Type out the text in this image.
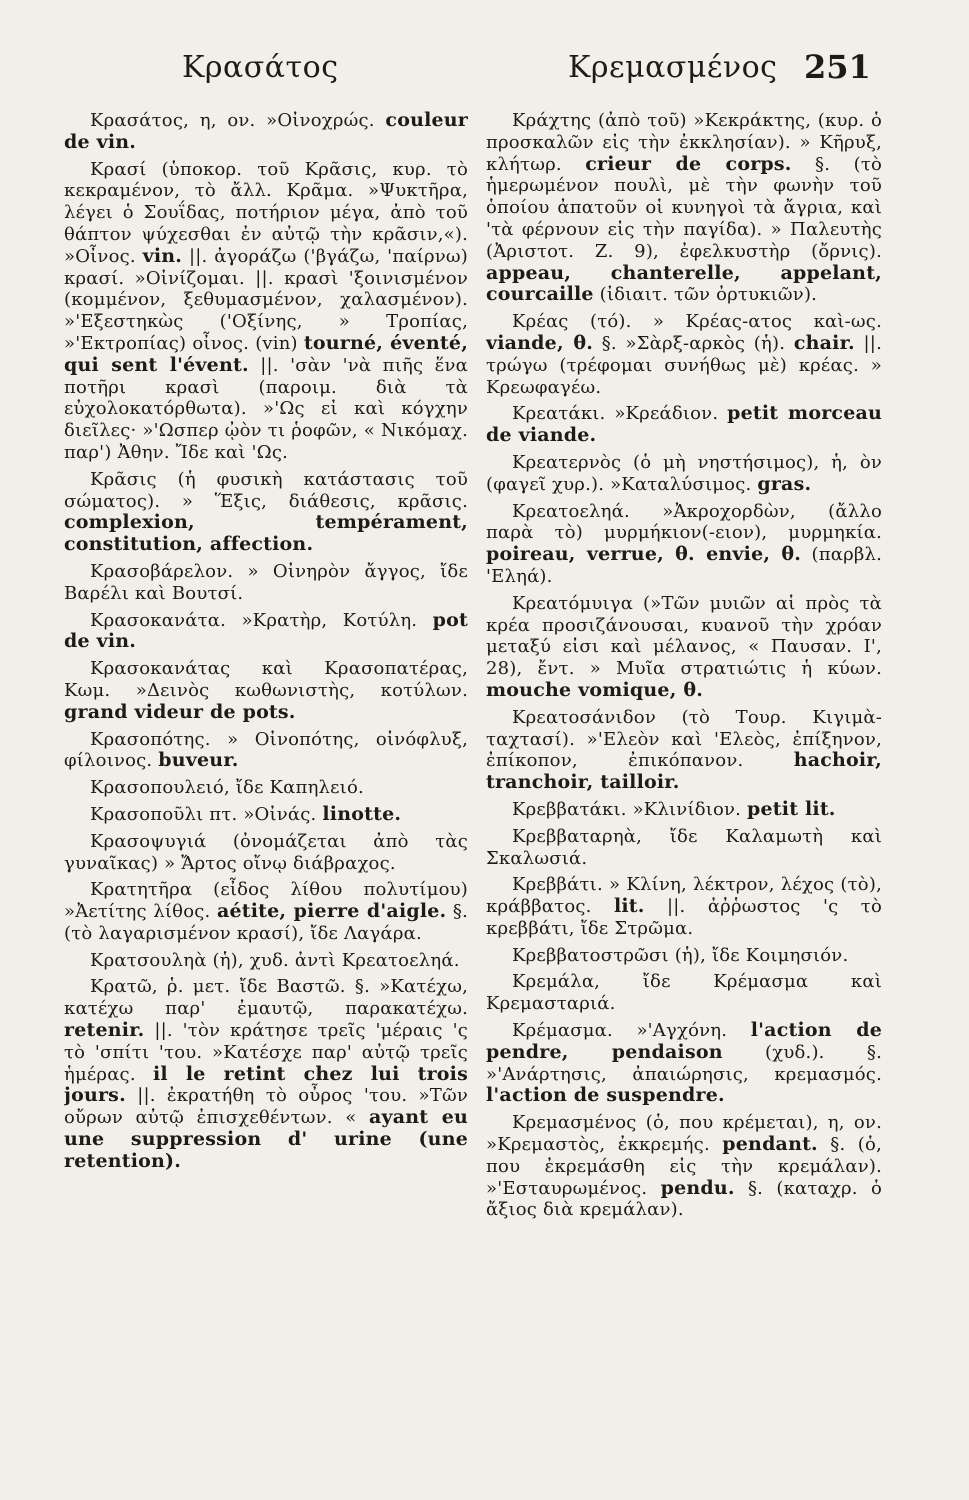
Κρασάτος	Κρεμασμένος 251

Κρασάτος, η, ον. »Οἰνοχρώς. couleur de vin.

Κρασί (ὑποκορ. τοῦ Κρᾶσις, κυρ. τὸ κεκραμένον, τὸ ἄλλ. Κρᾶμα. »Ψυκτῆρα, λέγει ὁ Σουΐδας, ποτήριον μέγα, ἀπὸ τοῦ θάπτον ψύχεσθαι ἐν αὐτῷ τὴν κρᾶσιν,«). »Οἶνος. vin. ||. ἀγοράζω ('βγάζω, 'παίρνω) κρασί. »Οἰνίζομαι. ||. κρασὶ 'ξοινισμένον (κομμένον, ξεθυμασμένον, χαλασμένον). »'Εξεστηκὼς ('Οξίνης, » Τροπίας, »'Εκτροπίας) οἶνος. (vin) tourné, éventé, qui sent l'évent. ||. 'σὰν 'νὰ πιῆς ἕνα ποτῆρι κρασὶ (παροιμ. διὰ τὰ εὐχολοκατόρθωτα). »'Ως εἰ καὶ κόγχην διεῖλες· »'Ωσπερ ᾠὸν τι ῥοφῶν, « Νικόμαχ. παρ') Ἀθην. Ἴδε καὶ 'Ως.

Κρᾶσις (ἡ φυσικὴ κατάστασις τοῦ σώματος). » Ἕξις, διάθεσις, κρᾶσις. complexion, tempérament, constitution, affection.

Κρασοβάρελον. » Οἰνηρὸν ἄγγος, ἴδε Βαρέλι καὶ Βουτσί.

Κρασοκανάτα. »Κρατὴρ, Κοτύλη. pot de vin.

Κρασοκανάτας καὶ Κρασοπατέρας, Κωμ. »Δεινὸς κωθωνιστὴς, κοτύλων. grand videur de pots.

Κρασοπότης. » Οἰνοπότης, οἰνόφλυξ, φίλοινος. buveur.

Κρασοπουλειό, ἴδε Καπηλειό.

Κρασοποῦλι πτ. »Οἰνάς. linotte.

Κρασοψυγιά (ὀνομάζεται ἀπὸ τὰς γυναῖκας) » Ἄρτος οἴνῳ διάβραχος.

Κρατητῆρα (εἶδος λίθου πολυτίμου) »Ἀετίτης λίθος. aétite, pierre d'aigle. §. (τὸ λαγαρισμένον κρασί), ἴδε Λαγάρα.

Κρατσουληὰ (ἡ), χυδ. ἀντὶ Κρεατοεληά.

Κρατῶ, ῥ. μετ. ἴδε Βαστῶ. §. »Κατέχω, κατέχω παρ' ἐμαυτῷ, παρακατέχω. retenir. ||. 'τὸν κράτησε τρεῖς 'μέραις 'ς τὸ 'σπίτι 'του. »Κατέσχε παρ' αὐτῷ τρεῖς ἡμέρας. il le retint chez lui trois jours. ||. ἐκρατήθη τὸ οὖρος 'του. »Τῶν οὔρων αὐτῷ ἐπισχεθέντων. « ayant eu une suppression d' urine (une retention).

Κράχτης (ἀπὸ τοῦ) »Κεκράκτης, (κυρ. ὁ προσκαλῶν εἰς τὴν ἐκκλησίαν). » Κῆρυξ, κλήτωρ. crieur de corps. §. (τὸ ἡμερωμένον πουλὶ, μὲ τὴν φωνὴν τοῦ ὁποίου ἀπατοῦν οἱ κυνηγοὶ τὰ ἄγρια, καὶ 'τὰ φέρνουν εἰς τὴν παγίδα). » Παλευτὴς (Ἀριστοτ. Ζ. 9), ἐφελκυστὴρ (ὄρνις). appeau, chanterelle, appelant, courcaille (ἰδιαιτ. τῶν ὀρτυκιῶν).

Κρέας (τό). » Κρέας-ατος καὶ-ως. viande, θ. §. »Σὰρξ-αρκὸς (ἡ). chair. ||. τρώγω (τρέφομαι συνήθως μὲ) κρέας. » Κρεωφαγέω.

Κρεατάκι. »Κρεάδιον. petit morceau de viande.

Κρεατερνὸς (ὁ μὴ νηστήσιμος), ἡ, ὸν (φαγεῖ χυρ.). »Καταλύσιμος. gras.

Κρεατοεληά. »Ἀκροχορδὼν, (ἄλλο παρὰ τὸ) μυρμήκιον(-ειον), μυρμηκία. poireau, verrue, θ. envie, θ. (παρβλ. 'Εληά).

Κρεατόμυιγα (»Τῶν μυιῶν αἱ πρὸς τὰ κρέα προσιζάνουσαι, κυανοῦ τὴν χρόαν μεταξύ εἰσι καὶ μέλανος, « Παυσαν. Ι', 28), ἔντ. » Μυῖα στρατιώτις ἡ κύων. mouche vomique, θ.

Κρεατοσάνιδον (τὸ Τουρ. Κιγιμὰ-ταχτασί). »'Ελεὸν καὶ 'Ελεὸς, ἐπίξηνον, ἐπίκοπον, ἐπικόπανον.	hachoir, tranchoir, tailloir.

Κρεββατάκι. »Κλινίδιον. petit lit.

Κρεββαταρηὰ, ἴδε Καλαμωτὴ καὶ Σκαλωσιά.

Κρεββάτι. » Κλίνη, λέκτρον, λέχος (τὸ), κράββατος. lit. ||. ἀῤῥωστος 'ς τὸ κρεββάτι, ἴδε Στρῶμα.

Κρεββατοστρῶσι (ἡ), ἴδε Κοιμησιόν.

Κρεμάλα, ἴδε Κρέμασμα καὶ Κρεμασταριά.

Κρέμασμα. »'Αγχόνη. l'action de pendre, pendaison (χυδ.). §. »'Ανάρτησις, ἀπαιώρησις, κρεμασμός. l'action de suspendre.

Κρεμασμένος (ὁ, που κρέμεται), η, ον. »Κρεμαστὸς, ἐκκρεμής. pendant. §. (ὁ, που ἐκρεμάσθη εἰς τὴν κρεμάλαν). »'Εσταυρωμένος. pendu. §. (καταχρ. ὁ ἄξιος διὰ κρεμάλαν).
